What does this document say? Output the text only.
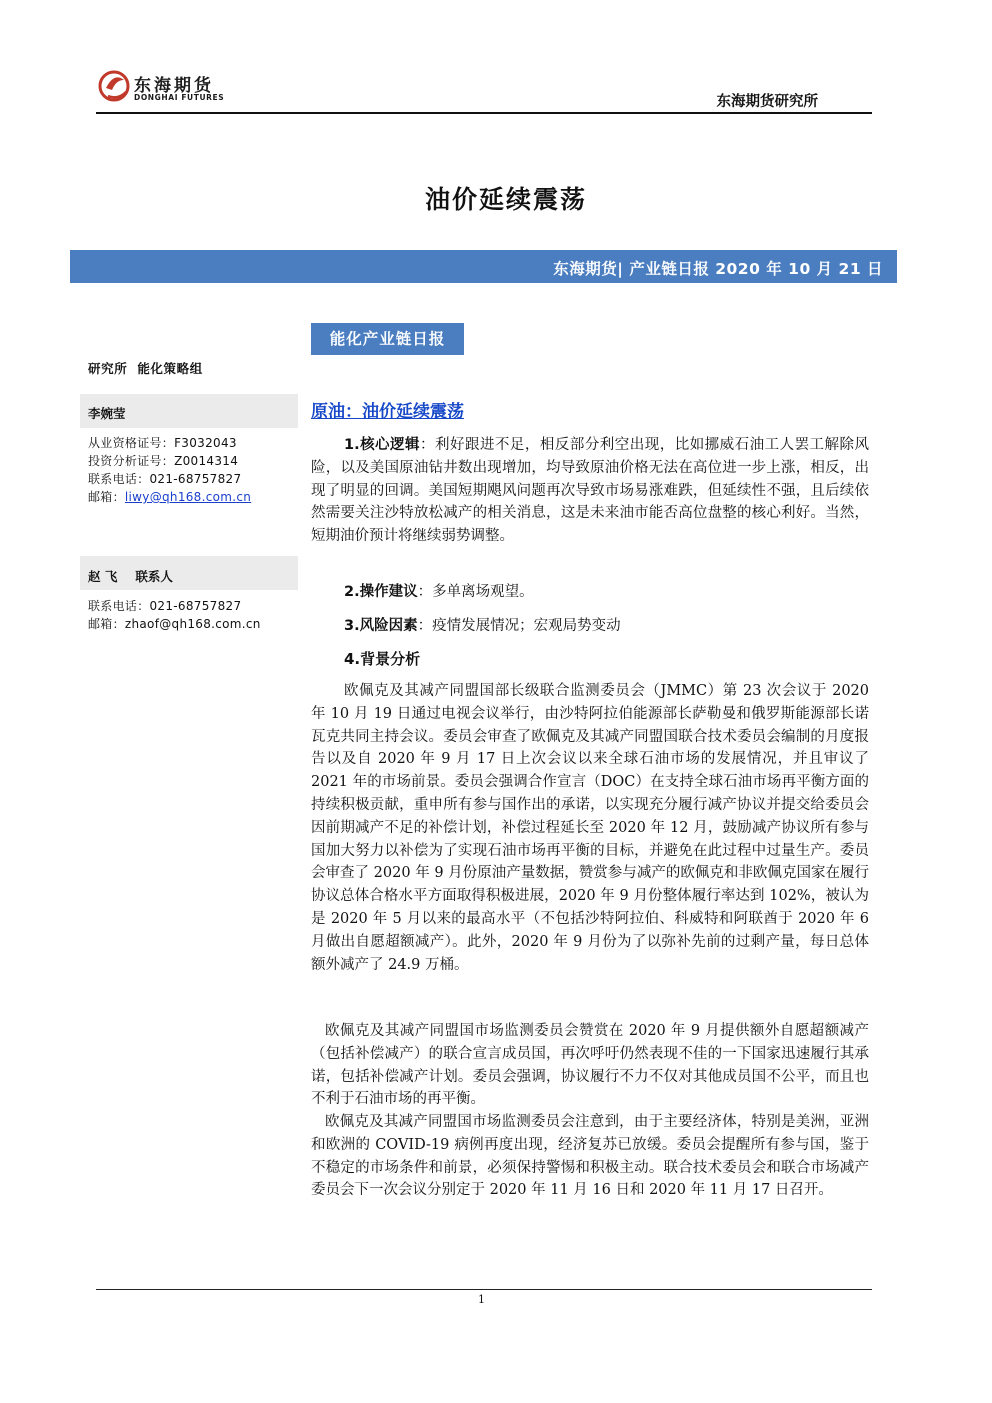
东海期货
DONGHAI FUTURES	东海期货研究所
油价延续震荡
东海期货| 产业链日报 2020 年 10 月 21 日
能化产业链日报
研究所 能化策略组
李婉莹
从业资格证号：F3032043
投资分析证号：Z0014314
联系电话：021-68757827
邮箱：liwy@qh168.com.cn
赵 飞 联系人
联系电话：021-68757827
邮箱：zhaof@qh168.com.cn
原油：油价延续震荡
1.核心逻辑：利好跟进不足，相反部分利空出现，比如挪威石油工人罢工解除风险，以及美国原油钻井数出现增加，均导致原油价格无法在高位进一步上涨，相反，出现了明显的回调。美国短期飓风问题再次导致市场易涨难跌，但延续性不强，且后续依然需要关注沙特放松减产的相关消息，这是未来油市能否高位盘整的核心利好。当然，短期油价预计将继续弱势调整。
2.操作建议：多单离场观望。
3.风险因素：疫情发展情况；宏观局势变动
4.背景分析
欧佩克及其减产同盟国部长级联合监测委员会（JMMC）第 23 次会议于 2020 年 10 月 19 日通过电视会议举行，由沙特阿拉伯能源部长萨勒曼和俄罗斯能源部长诺瓦克共同主持会议。委员会审查了欧佩克及其减产同盟国联合技术委员会编制的月度报告以及自 2020 年 9 月 17 日上次会议以来全球石油市场的发展情况，并且审议了 2021 年的市场前景。委员会强调合作宣言（DOC）在支持全球石油市场再平衡方面的持续积极贡献，重申所有参与国作出的承诺，以实现充分履行减产协议并提交给委员会因前期减产不足的补偿计划，补偿过程延长至 2020 年 12 月，鼓励减产协议所有参与国加大努力以补偿为了实现石油市场再平衡的目标，并避免在此过程中过量生产。委员会审查了 2020 年 9 月份原油产量数据，赞赏参与减产的欧佩克和非欧佩克国家在履行协议总体合格水平方面取得积极进展，2020 年 9 月份整体履行率达到 102%，被认为是 2020 年 5 月以来的最高水平（不包括沙特阿拉伯、科威特和阿联酋于 2020 年 6 月做出自愿超额减产）。此外，2020 年 9 月份为了以弥补先前的过剩产量，每日总体额外减产了 24.9 万桶。
欧佩克及其减产同盟国市场监测委员会赞赏在 2020 年 9 月提供额外自愿超额减产（包括补偿减产）的联合宣言成员国，再次呼吁仍然表现不佳的一下国家迅速履行其承诺，包括补偿减产计划。委员会强调，协议履行不力不仅对其他成员国不公平，而且也不利于石油市场的再平衡。
欧佩克及其减产同盟国市场监测委员会注意到，由于主要经济体，特别是美洲，亚洲和欧洲的 COVID-19 病例再度出现，经济复苏已放缓。委员会提醒所有参与国，鉴于不稳定的市场条件和前景，必须保持警惕和积极主动。联合技术委员会和联合市场减产委员会下一次会议分别定于 2020 年 11 月 16 日和 2020 年 11 月 17 日召开。
1
